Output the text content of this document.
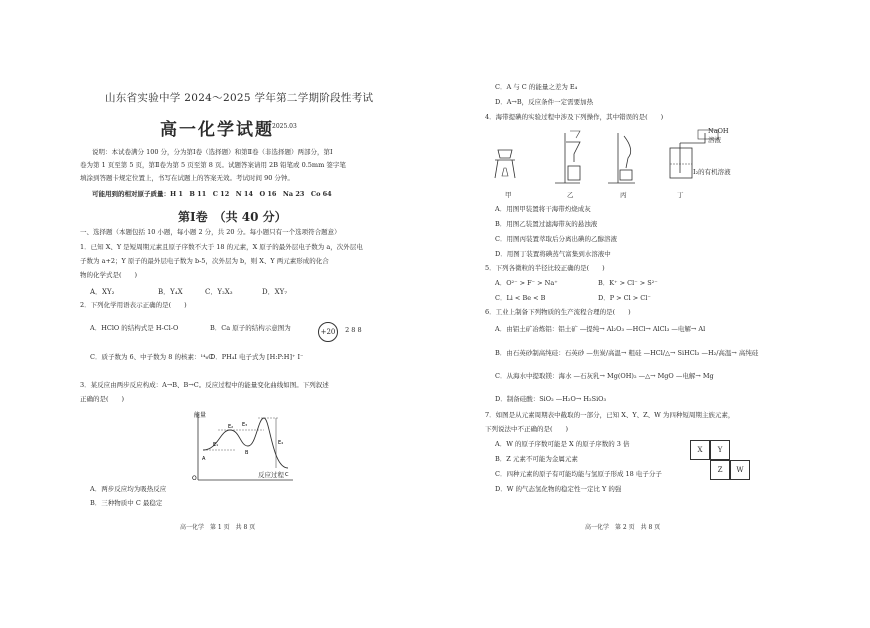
山东省实验中学 2024～2025 学年第二学期阶段性考试
高一化学试题
2025.03
说明：本试卷满分 100 分，分为第Ⅰ卷（选择题）和第Ⅱ卷（非选择题）两部分，第Ⅰ
卷为第 1 页至第 5 页，第Ⅱ卷为第 5 页至第 8 页。试题答案请用 2B 铅笔或 0.5mm 签字笔
填涂到答题卡规定位置上，书写在试题上的答案无效。考试时间 90 分钟。
可能用到的相对原子质量：H 1　B 11　C 12　N 14　O 16　Na 23　Co 64
第Ⅰ卷　（共 40 分）
一、选择题（本题包括 10 小题，每小题 2 分，共 20 分。每小题只有一个选项符合题意）
1．已知 X、Y 是短周期元素且原子序数不大于 18 的元素，X 原子的最外层电子数为 a，次外层电
子数为 a+2；Y 原子的最外层电子数为 b-5，次外层为 b，则 X、Y 两元素形成的化合
物的化学式是(　　)
A．XY₂	B．Y₄X	C．Y₂X₃	D．XY₇
2．下列化学用语表示正确的是(　　)
A．HClO 的结构式是 H-Cl-O	B．Ca 原子的结构示意图为	+20 2 8 8
C．质子数为 6、中子数为 8 的核素：¹⁴₆C
D．PH₄I 电子式为 [H:P:H]⁺ I⁻
3．某反应由两步反应构成：A→B、B→C。反应过程中的能量变化曲线如图。下列叙述
正确的是(　　)
能量
O
E₁
E₂ E₃
E₄
A
B
C
反应过程
A．两步反应均为吸热反应
B．三种物质中 C 最稳定
高一化学　第 1 页　共 8 页
C．A 与 C 的能量之差为 E₄
D．A→B，反应条件一定需要加热
4．海带提碘的实验过程中涉及下列操作，其中错误的是(　　)
NaOH
溶液
I₂的有机溶液
甲	乙	丙	丁
A．用图甲装置将干海带灼烧成灰
B．用图乙装置过滤海带灰的悬浊液
C．用图丙装置萃取后分离出碘的乙醇溶液
D．用图丁装置将碘蒸气富集到水溶液中
5．下列各微粒的半径比较正确的是(　　)
A．O²⁻ > F⁻ > Na⁺	B．K⁺ > Cl⁻ > S²⁻
C．Li < Be < B	D．P > Cl > Cl⁻
6．工业上制备下列物质的生产流程合理的是(　　)
A．由铝土矿冶炼铝：铝土矿 —提纯→ Al₂O₃ —HCl→ AlCl₃ —电解→ Al
B．由石英砂制高纯硅：石英砂 —焦炭/高温→ 粗硅 —HCl/△→ SiHCl₃ —H₂/高温→ 高纯硅
C．从海水中提取镁：海水 —石灰乳→ Mg(OH)₂ —△→ MgO —电解→ Mg
D．制备硅酸：SiO₂ —H₂O→ H₂SiO₃
7．如图是从元素周期表中截取的一部分，已知 X、Y、Z、W 为四种短周期主族元素，
下列说法中不正确的是(　　)
X	Y
Z	W
A．W 的原子序数可能是 X 的原子序数的 3 倍
B．Z 元素不可能为金属元素
C．四种元素的原子有可能均能与氢原子形成 18 电子分子
D．W 的气态氢化物的稳定性一定比 Y 的强
高一化学　第 2 页　共 8 页
